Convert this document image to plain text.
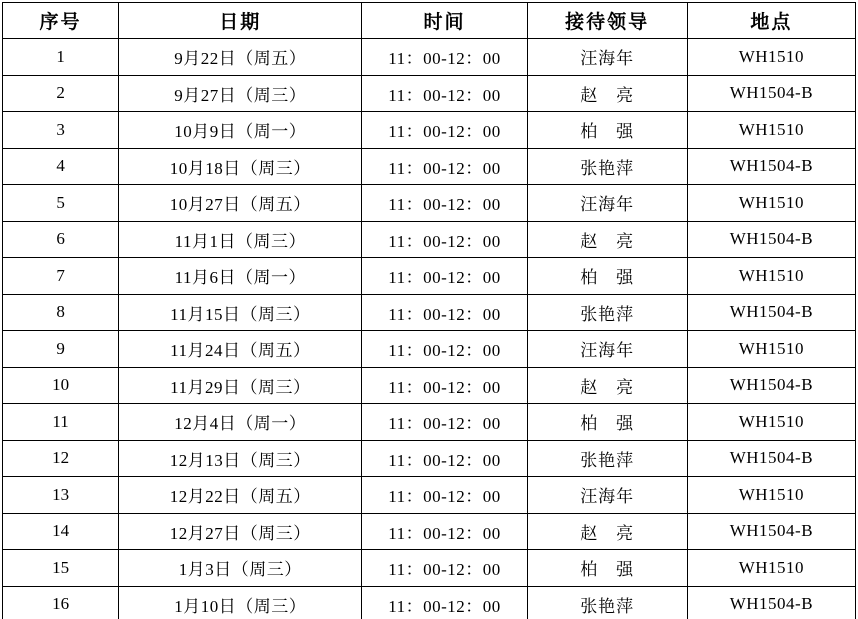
序号	日期	时间	接待领导	地点
1	9月22日（周五）	11：00-12：00	汪海年	WH1510
2	9月27日（周三）	11：00-12：00	赵　亮	WH1504-B
3	10月9日（周一）	11：00-12：00	柏　强	WH1510
4	10月18日（周三）	11：00-12：00	张艳萍	WH1504-B
5	10月27日（周五）	11：00-12：00	汪海年	WH1510
6	11月1日（周三）	11：00-12：00	赵　亮	WH1504-B
7	11月6日（周一）	11：00-12：00	柏　强	WH1510
8	11月15日（周三）	11：00-12：00	张艳萍	WH1504-B
9	11月24日（周五）	11：00-12：00	汪海年	WH1510
10	11月29日（周三）	11：00-12：00	赵　亮	WH1504-B
11	12月4日（周一）	11：00-12：00	柏　强	WH1510
12	12月13日（周三）	11：00-12：00	张艳萍	WH1504-B
13	12月22日（周五）	11：00-12：00	汪海年	WH1510
14	12月27日（周三）	11：00-12：00	赵　亮	WH1504-B
15	1月3日（周三）	11：00-12：00	柏　强	WH1510
16	1月10日（周三）	11：00-12：00	张艳萍	WH1504-B
